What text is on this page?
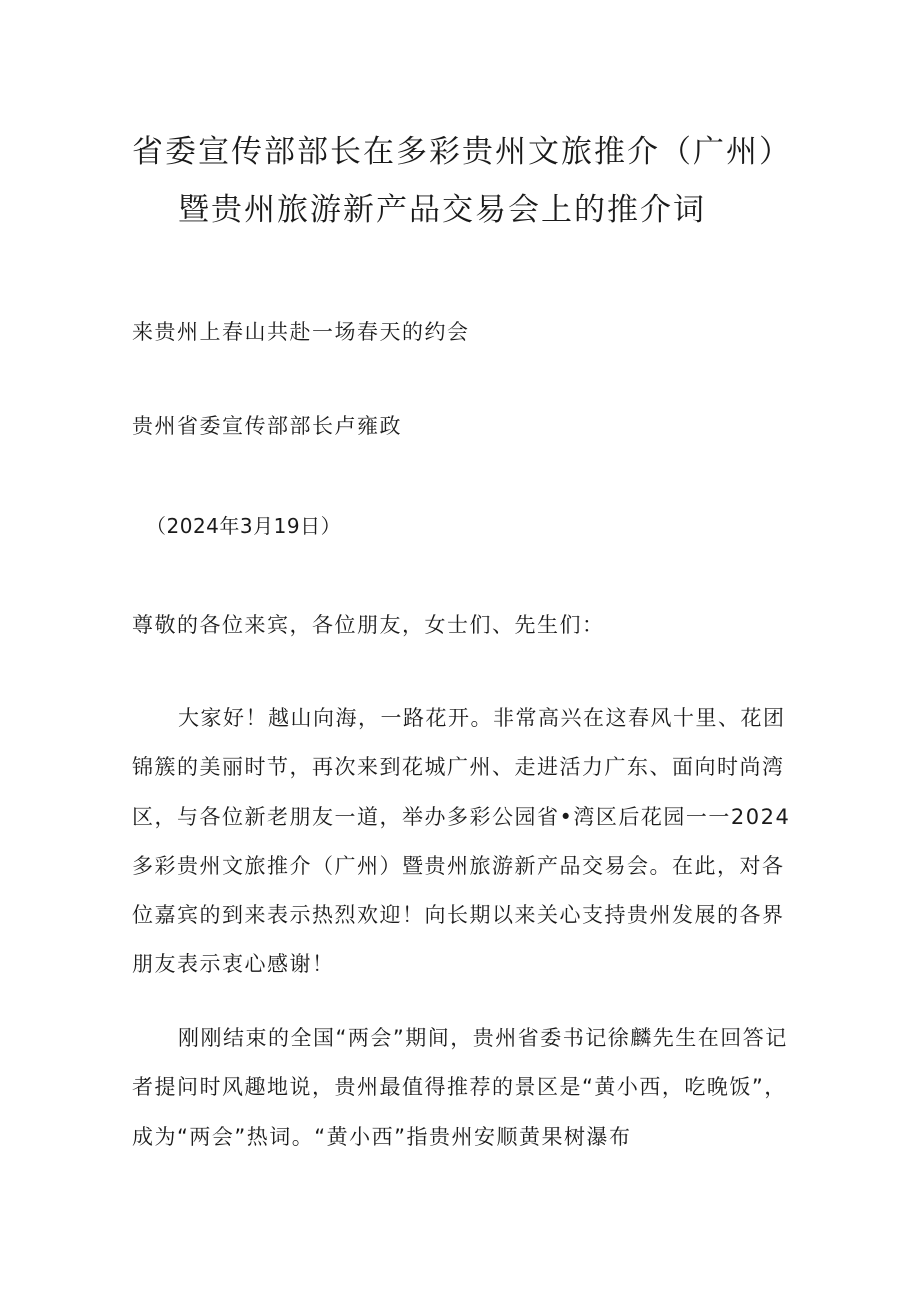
省委宣传部部长在多彩贵州文旅推介（广州）
暨贵州旅游新产品交易会上的推介词
来贵州上春山共赴一场春天的约会
贵州省委宣传部部长卢雍政
（2024年3月19日）
尊敬的各位来宾，各位朋友，女士们、先生们：

大家好！越山向海，一路花开。非常高兴在这春风十里、花团锦簇的美丽时节，再次来到花城广州、走进活力广东、面向时尚湾区，与各位新老朋友一道，举办多彩公园省•湾区后花园一一2024多彩贵州文旅推介（广州）暨贵州旅游新产品交易会。在此，对各位嘉宾的到来表示热烈欢迎！向长期以来关心支持贵州发展的各界朋友表示衷心感谢！

刚刚结束的全国“两会”期间，贵州省委书记徐麟先生在回答记者提问时风趣地说，贵州最值得推荐的景区是“黄小西，吃晚饭”，成为“两会”热词。“黄小西”指贵州安顺黄果树瀑布
